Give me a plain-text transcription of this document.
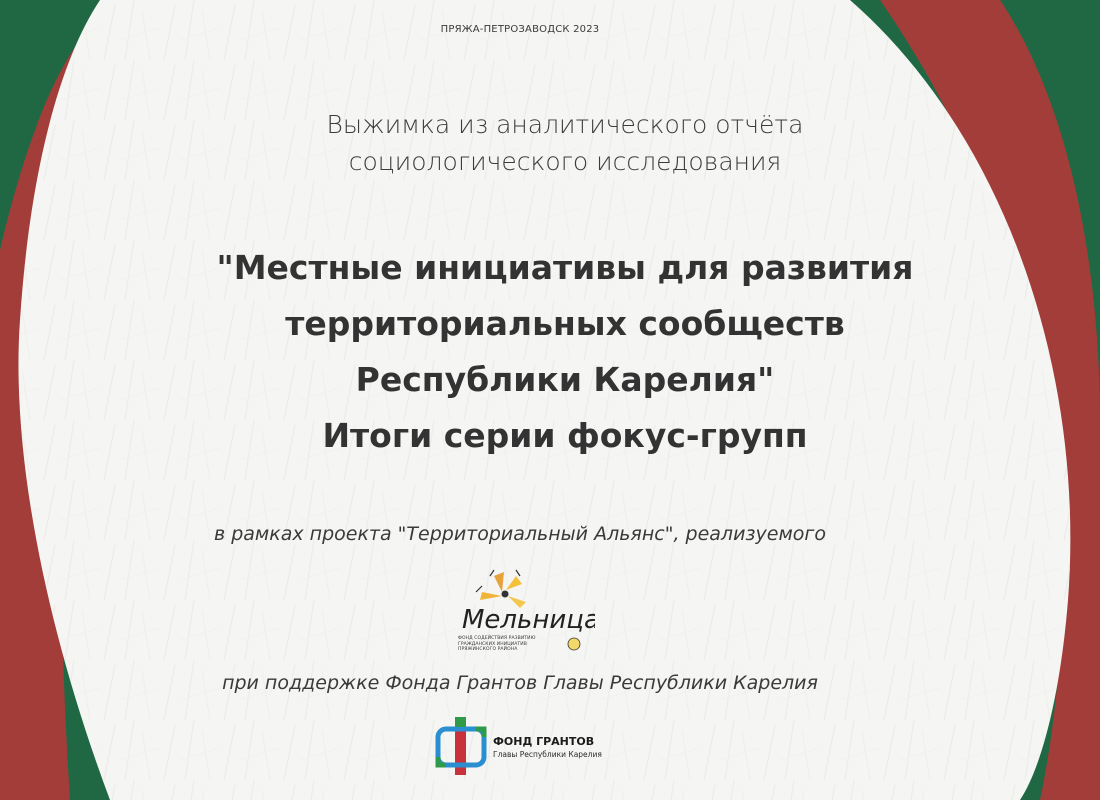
ПРЯЖА-ПЕТРОЗАВОДСК 2023
Выжимка из аналитического отчёта
социологического исследования
"Местные инициативы для развития
территориальных сообществ
Республики Карелия"
Итоги серии фокус-групп
в рамках проекта "Территориальный Альянс", реализуемого
Мельница
ФОНД СОДЕЙСТВИЯ РАЗВИТИЮ ГРАЖДАНСКИХ ИНИЦИАТИВ ПРЯЖИНСКОГО РАЙОНА
при поддержке Фонда Грантов Главы Республики Карелия
ФОНД ГРАНТОВ
Главы Республики Карелия
